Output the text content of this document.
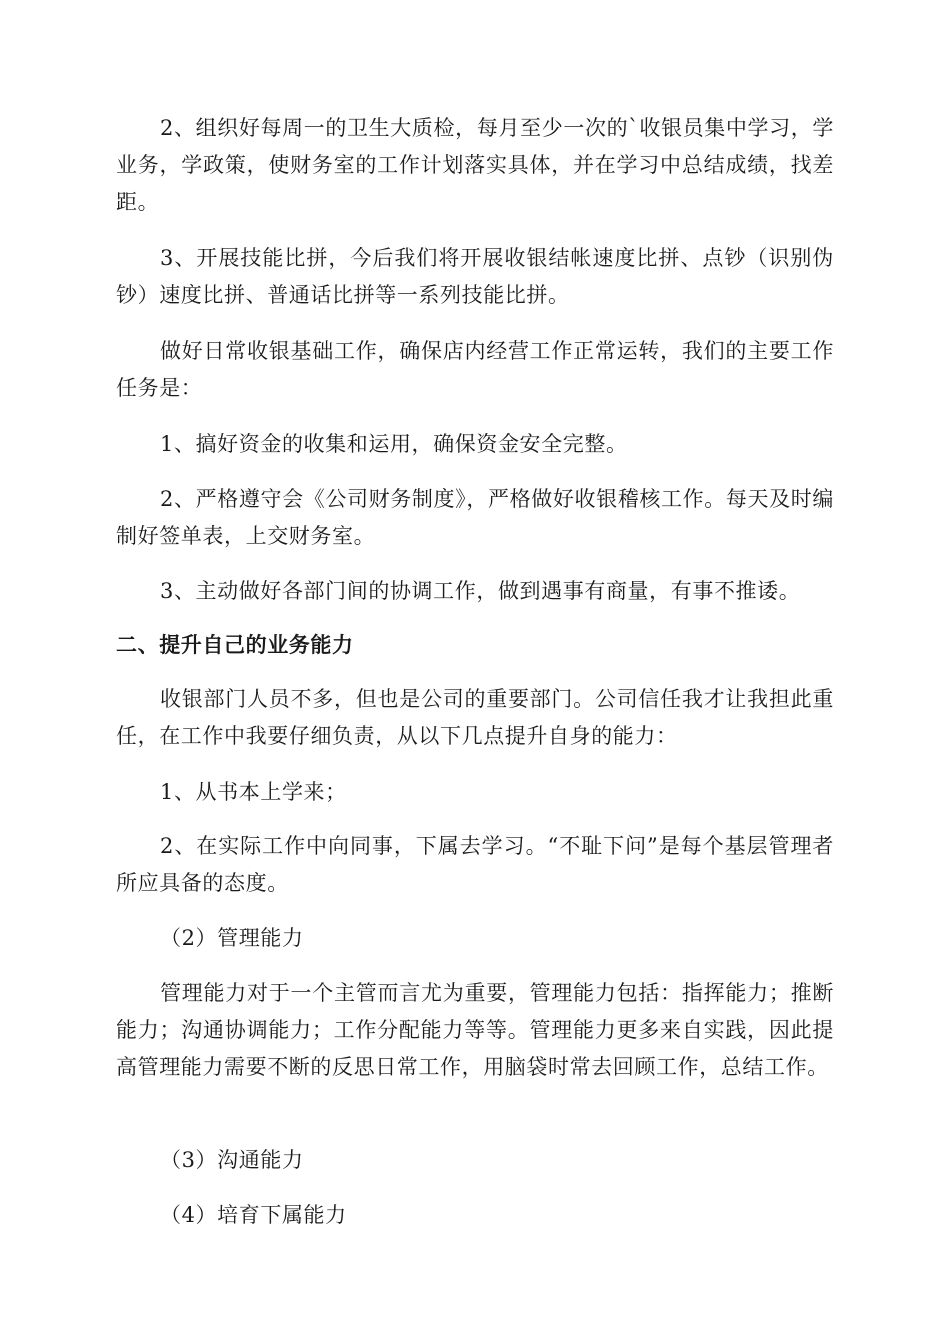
2、组织好每周一的卫生大质检，每月至少一次的`收银员集中学习，学业务，学政策，使财务室的工作计划落实具体，并在学习中总结成绩，找差距。

3、开展技能比拼，今后我们将开展收银结帐速度比拼、点钞（识别伪钞）速度比拼、普通话比拼等一系列技能比拼。

做好日常收银基础工作，确保店内经营工作正常运转，我们的主要工作任务是：

1、搞好资金的收集和运用，确保资金安全完整。

2、严格遵守会《公司财务制度》，严格做好收银稽核工作。每天及时编制好签单表，上交财务室。

3、主动做好各部门间的协调工作，做到遇事有商量，有事不推诿。

二、提升自己的业务能力

收银部门人员不多，但也是公司的重要部门。公司信任我才让我担此重任，在工作中我要仔细负责，从以下几点提升自身的能力：

1、从书本上学来；

2、在实际工作中向同事，下属去学习。“不耻下问”是每个基层管理者所应具备的态度。

（2）管理能力

管理能力对于一个主管而言尤为重要，管理能力包括：指挥能力；推断能力；沟通协调能力；工作分配能力等等。管理能力更多来自实践，因此提高管理能力需要不断的反思日常工作，用脑袋时常去回顾工作，总结工作。

（3）沟通能力

（4）培育下属能力
